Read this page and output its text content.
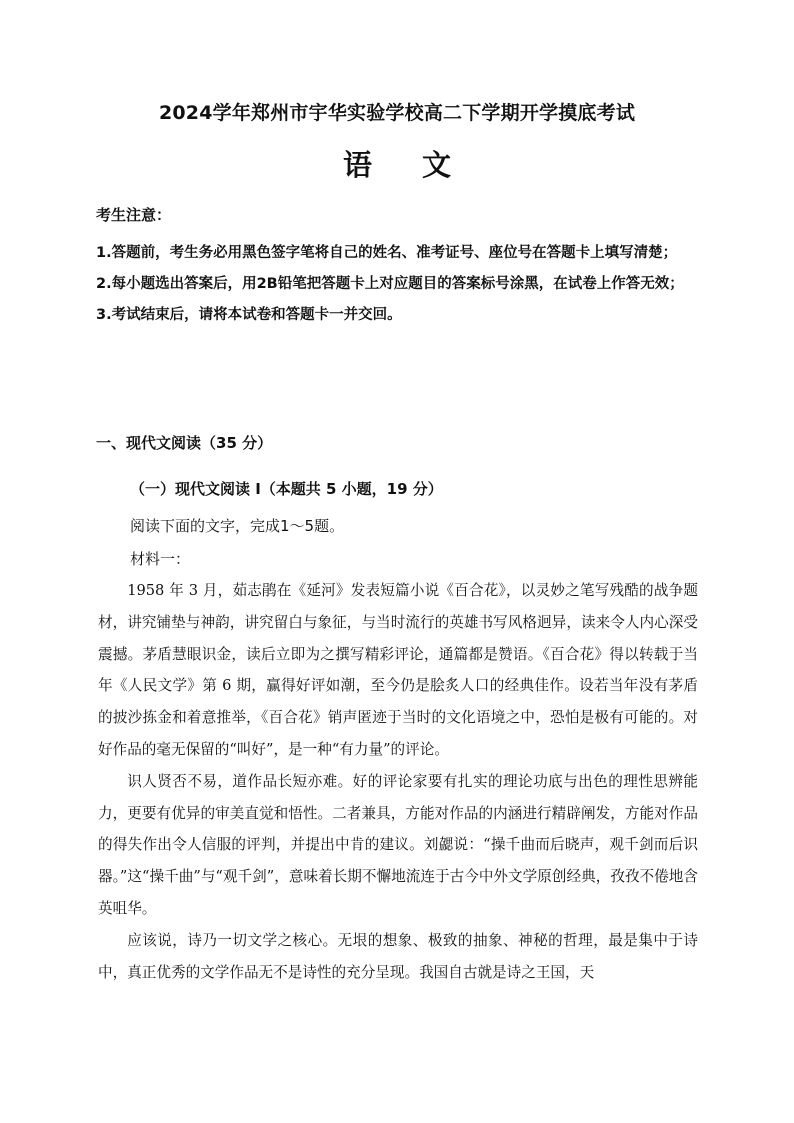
2024学年郑州市宇华实验学校高二下学期开学摸底考试
语文
考生注意：
1.答题前，考生务必用黑色签字笔将自己的姓名、准考证号、座位号在答题卡上填写清楚；
2.每小题选出答案后，用2B铅笔把答题卡上对应题目的答案标号涂黑，在试卷上作答无效；
3.考试结束后，请将本试卷和答题卡一并交回。
一、现代文阅读（35 分）
（一）现代文阅读 I（本题共 5 小题，19 分）
阅读下面的文字，完成1～5题。
材料一：

1958 年 3 月，茹志鹃在《延河》发表短篇小说《百合花》，以灵妙之笔写残酷的战争题材，讲究铺垫与神韵，讲究留白与象征，与当时流行的英雄书写风格迥异，读来令人内心深受震撼。茅盾慧眼识金，读后立即为之撰写精彩评论，通篇都是赞语。《百合花》得以转载于当年《人民文学》第 6 期，赢得好评如潮，至今仍是脍炙人口的经典佳作。设若当年没有茅盾的披沙拣金和着意推举，《百合花》销声匿迹于当时的文化语境之中，恐怕是极有可能的。对好作品的毫无保留的“叫好”，是一种“有力量”的评论。

识人贤否不易，道作品长短亦难。好的评论家要有扎实的理论功底与出色的理性思辨能力，更要有优异的审美直觉和悟性。二者兼具，方能对作品的内涵进行精辟阐发，方能对作品的得失作出令人信服的评判，并提出中肯的建议。刘勰说：“操千曲而后晓声，观千剑而后识器。”这“操千曲”与“观千剑”，意味着长期不懈地流连于古今中外文学原创经典，孜孜不倦地含英咀华。

应该说，诗乃一切文学之核心。无垠的想象、极致的抽象、神秘的哲理，最是集中于诗中，真正优秀的文学作品无不是诗性的充分呈现。我国自古就是诗之王国，天
